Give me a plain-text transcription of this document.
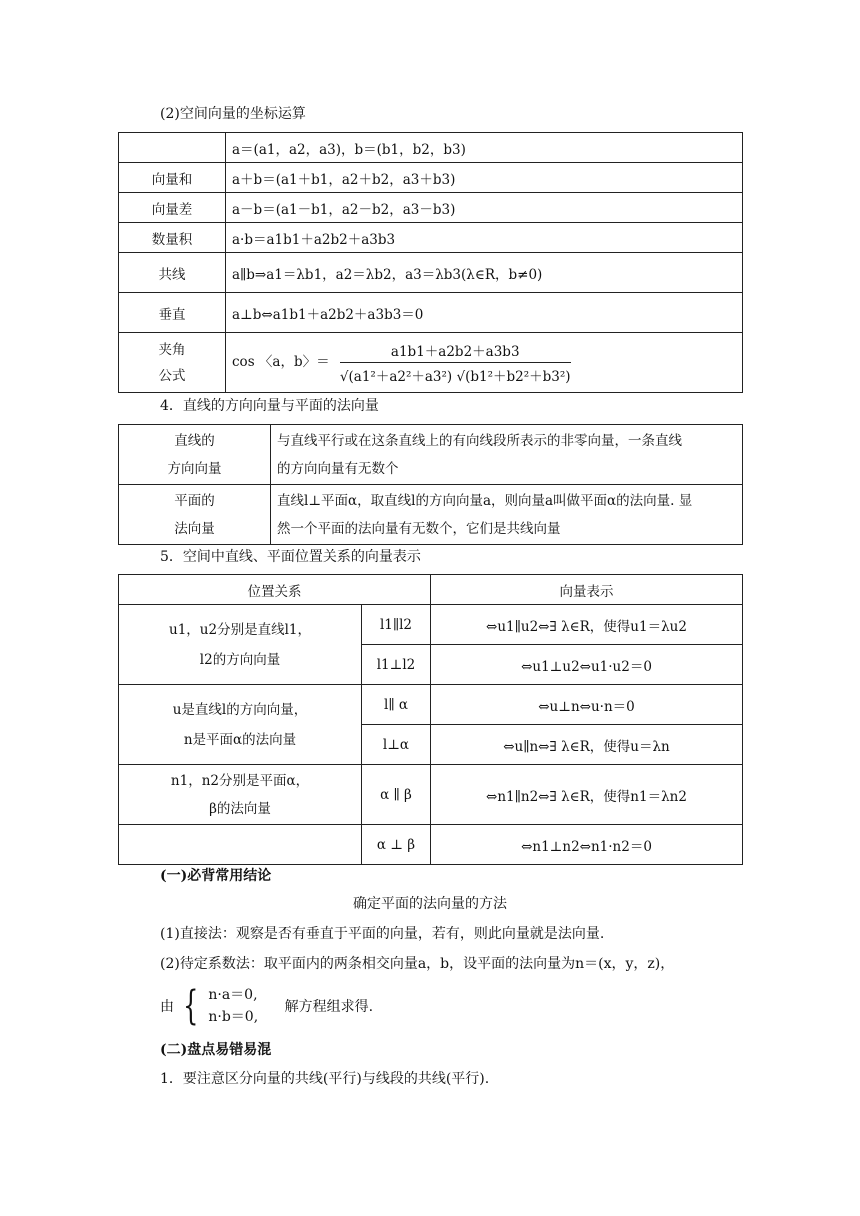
(2)空间向量的坐标运算
	a＝(a1，a2，a3)，b＝(b1，b2，b3)
向量和	a＋b＝(a1＋b1，a2＋b2，a3＋b3)
向量差	a－b＝(a1－b1，a2－b2，a3－b3)
数量积	a·b＝a1b1＋a2b2＋a3b3
共线	a∥b⇒a1＝λb1，a2＝λb2，a3＝λb3(λ∈R，b≠0)
垂直	a⊥b⇔a1b1＋a2b2＋a3b3＝0
夹角
公式	cos 〈a，b〉＝ $\frac{a1b1+a2b2+a3b3}{\text{√(a1²＋a2²＋a3²) √(b1²＋b2²＋b3²)}}$
4．直线的方向向量与平面的法向量
直线的
方向向量	与直线平行或在这条直线上的有向线段所表示的非零向量，一条直线
的方向向量有无数个
平面的
法向量	直线l⊥平面α，取直线l的方向向量a，则向量a叫做平面α的法向量. 显
然一个平面的法向量有无数个，它们是共线向量
5．空间中直线、平面位置关系的向量表示
位置关系		向量表示
u1，u2分别是直线l1，
l2的方向向量	l1∥l2	⇔u1∥u2⇔∃ λ∈R，使得u1＝λu2
	l1⊥l2	⇔u1⊥u2⇔u1·u2＝0
u是直线l的方向向量，
n是平面α的法向量	l∥ α	⇔u⊥n⇔u·n＝0
	l⊥α	⇔u∥n⇔∃ λ∈R，使得u＝λn
n1，n2分别是平面α，
β的法向量	α ∥ β	⇔n1∥n2⇔∃ λ∈R，使得n1＝λn2
	α ⊥ β	⇔n1⊥n2⇔n1·n2＝0
(一)必背常用结论
确定平面的法向量的方法
(1)直接法：观察是否有垂直于平面的向量，若有，则此向量就是法向量.
(2)待定系数法：取平面内的两条相交向量a，b，设平面的法向量为n＝(x，y，z)，
由 { n·a＝0,
n·b＝0, 解方程组求得.
(二)盘点易错易混
1．要注意区分向量的共线(平行)与线段的共线(平行).
